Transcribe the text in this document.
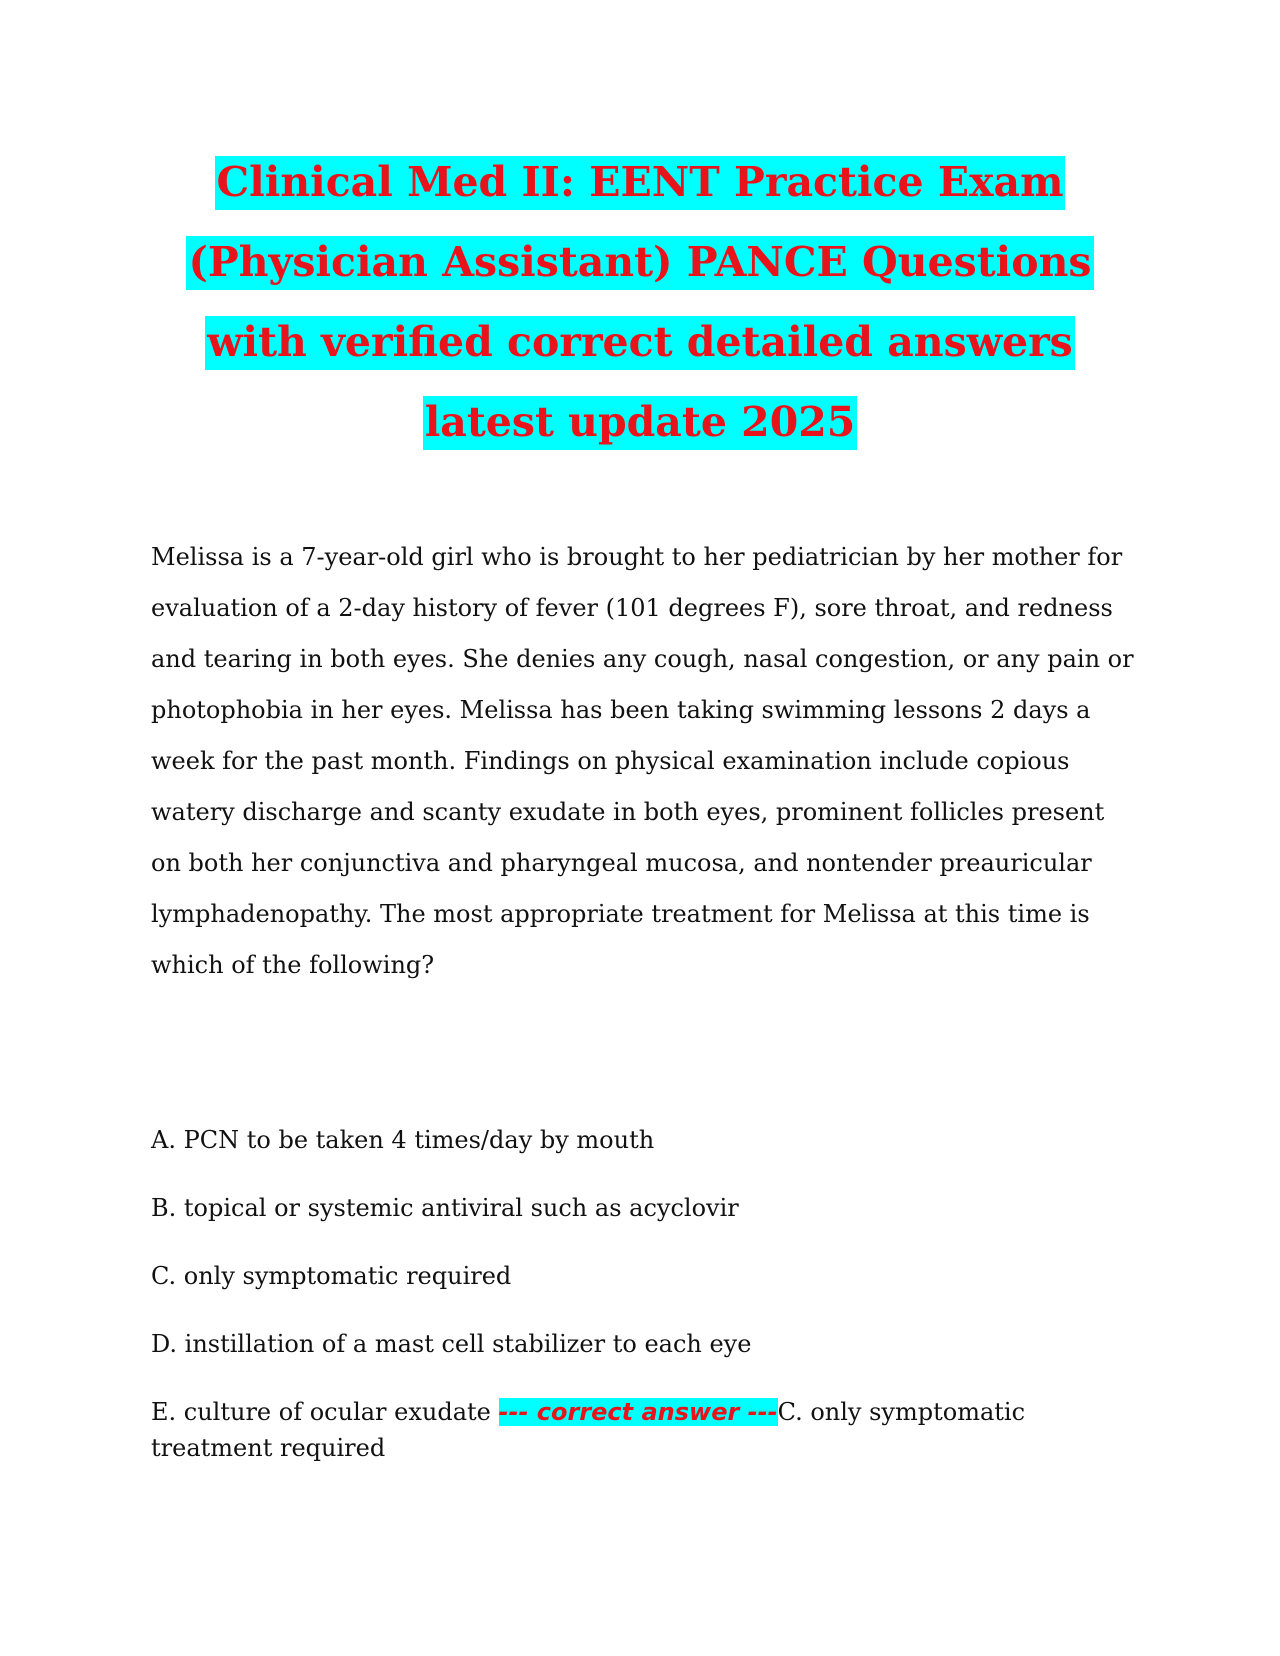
Clinical Med II: EENT Practice Exam
(Physician Assistant) PANCE Questions
with verified correct detailed answers
latest update 2025

Melissa is a 7-year-old girl who is brought to her pediatrician by her mother for evaluation of a 2-day history of fever (101 degrees F), sore throat, and redness and tearing in both eyes. She denies any cough, nasal congestion, or any pain or photophobia in her eyes. Melissa has been taking swimming lessons 2 days a week for the past month. Findings on physical examination include copious watery discharge and scanty exudate in both eyes, prominent follicles present on both her conjunctiva and pharyngeal mucosa, and nontender preauricular lymphadenopathy. The most appropriate treatment for Melissa at this time is which of the following?

A. PCN to be taken 4 times/day by mouth
B. topical or systemic antiviral such as acyclovir
C. only symptomatic required
D. instillation of a mast cell stabilizer to each eye
E. culture of ocular exudate --- correct answer ---C. only symptomatic treatment required
